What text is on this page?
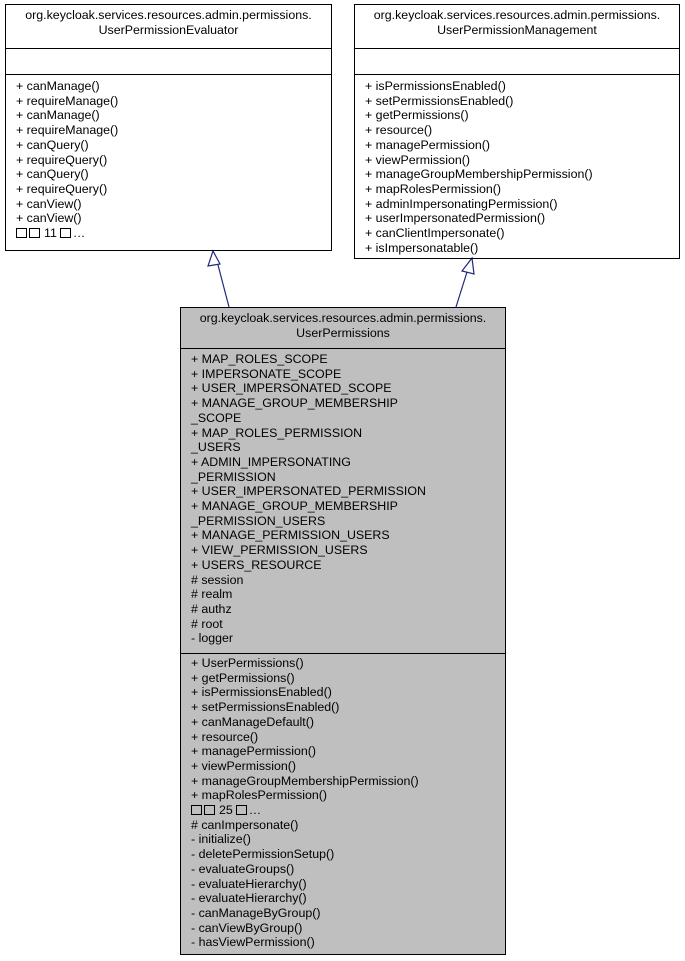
org.keycloak.services.resources.admin.permissions.
UserPermissionEvaluator
+ canManage()
+ requireManage()
+ canManage()
+ requireManage()
+ canQuery()
+ requireQuery()
+ canQuery()
+ requireQuery()
+ canView()
+ canView()
11 …
org.keycloak.services.resources.admin.permissions.
UserPermissionManagement
+ isPermissionsEnabled()
+ setPermissionsEnabled()
+ getPermissions()
+ resource()
+ managePermission()
+ viewPermission()
+ manageGroupMembershipPermission()
+ mapRolesPermission()
+ adminImpersonatingPermission()
+ userImpersonatedPermission()
+ canClientImpersonate()
+ isImpersonatable()
org.keycloak.services.resources.admin.permissions.
UserPermissions
+ MAP_ROLES_SCOPE
+ IMPERSONATE_SCOPE
+ USER_IMPERSONATED_SCOPE
+ MANAGE_GROUP_MEMBERSHIP
_SCOPE
+ MAP_ROLES_PERMISSION
_USERS
+ ADMIN_IMPERSONATING
_PERMISSION
+ USER_IMPERSONATED_PERMISSION
+ MANAGE_GROUP_MEMBERSHIP
_PERMISSION_USERS
+ MANAGE_PERMISSION_USERS
+ VIEW_PERMISSION_USERS
+ USERS_RESOURCE
# session
# realm
# authz
# root
- logger
+ UserPermissions()
+ getPermissions()
+ isPermissionsEnabled()
+ setPermissionsEnabled()
+ canManageDefault()
+ resource()
+ managePermission()
+ viewPermission()
+ manageGroupMembershipPermission()
+ mapRolesPermission()
25 …
# canImpersonate()
- initialize()
- deletePermissionSetup()
- evaluateGroups()
- evaluateHierarchy()
- evaluateHierarchy()
- canManageByGroup()
- canViewByGroup()
- hasViewPermission()
